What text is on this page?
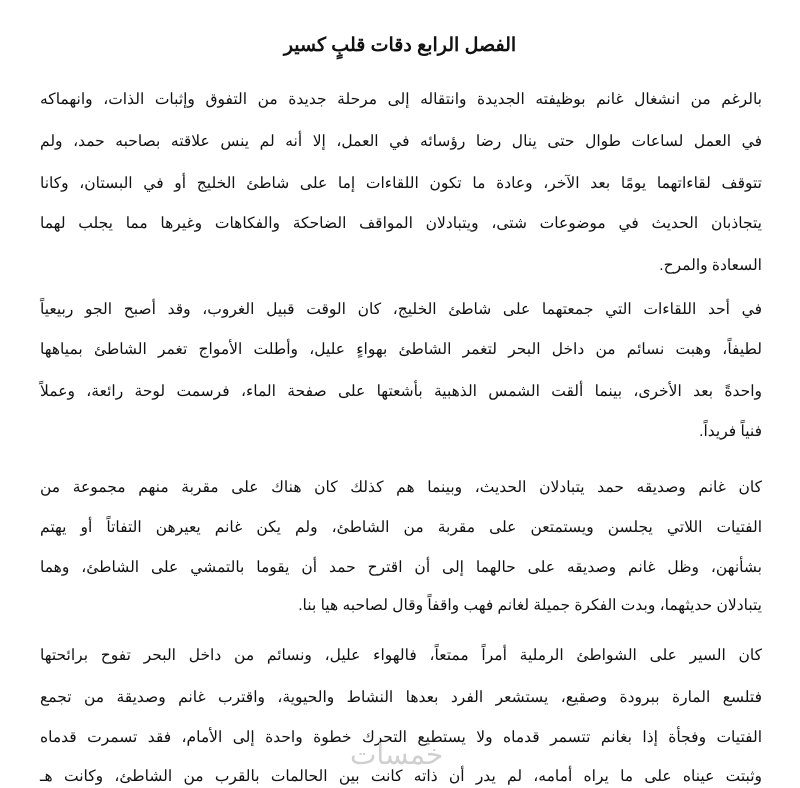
الفصل الرابع دقات قلبٍ كسير
بالرغم من انشغال غانم بوظيفته الجديدة وانتقاله إلى مرحلة جديدة من التفوق وإثبات الذات، وانهماكه
في العمل لساعات طوال حتى ينال رضا رؤسائه في العمل، إلا أنه لم ينس علاقته بصاحبه حمد، ولم
تتوقف لقاءاتهما يومًا بعد الآخر، وعادة ما تكون اللقاءات إما على شاطئ الخليج أو في البستان، وكانا
يتجاذبان الحديث في موضوعات شتى، ويتبادلان المواقف الضاحكة والفكاهات وغيرها مما يجلب لهما
السعادة والمرح.
في أحد اللقاءات التي جمعتهما على شاطئ الخليج، كان الوقت قبيل الغروب، وقد أصبح الجو ربيعياً
لطيفاً، وهبت نسائم من داخل البحر لتغمر الشاطئ بهواءٍ عليل، وأطلت الأمواج تغمر الشاطئ بمياهها
واحدةً بعد الأخرى، بينما ألقت الشمس الذهبية بأشعتها على صفحة الماء، فرسمت لوحة رائعة، وعملاً
فنياً فريداً.
كان غانم وصديقه حمد يتبادلان الحديث، وبينما هم كذلك كان هناك على مقربة منهم مجموعة من
الفتيات اللاتي يجلسن ويستمتعن على مقربة من الشاطئ، ولم يكن غانم يعيرهن التفاتاً أو يهتم
بشأنهن، وظل غانم وصديقه على حالهما إلى أن اقترح حمد أن يقوما بالتمشي على الشاطئ، وهما
يتبادلان حديثهما، وبدت الفكرة جميلة لغانم فهب واقفاً وقال لصاحبه هيا بنا.
كان السير على الشواطئ الرملية أمراً ممتعاً، فالهواء عليل، ونسائم من داخل البحر تفوح برائحتها
فتلسع المارة ببرودة وصقيع، يستشعر الفرد بعدها النشاط والحيوية، واقترب غانم وصديقة من تجمع
الفتيات وفجأة إذا بغانم تتسمر قدماه ولا يستطيع التحرك خطوة واحدة إلى الأمام، فقد تسمرت قدماه
وثبتت عيناه على ما يراه أمامه، لم يدر أن ذاته كانت بين الحالمات بالقرب من الشاطئ، وكانت هـ
خمسات
